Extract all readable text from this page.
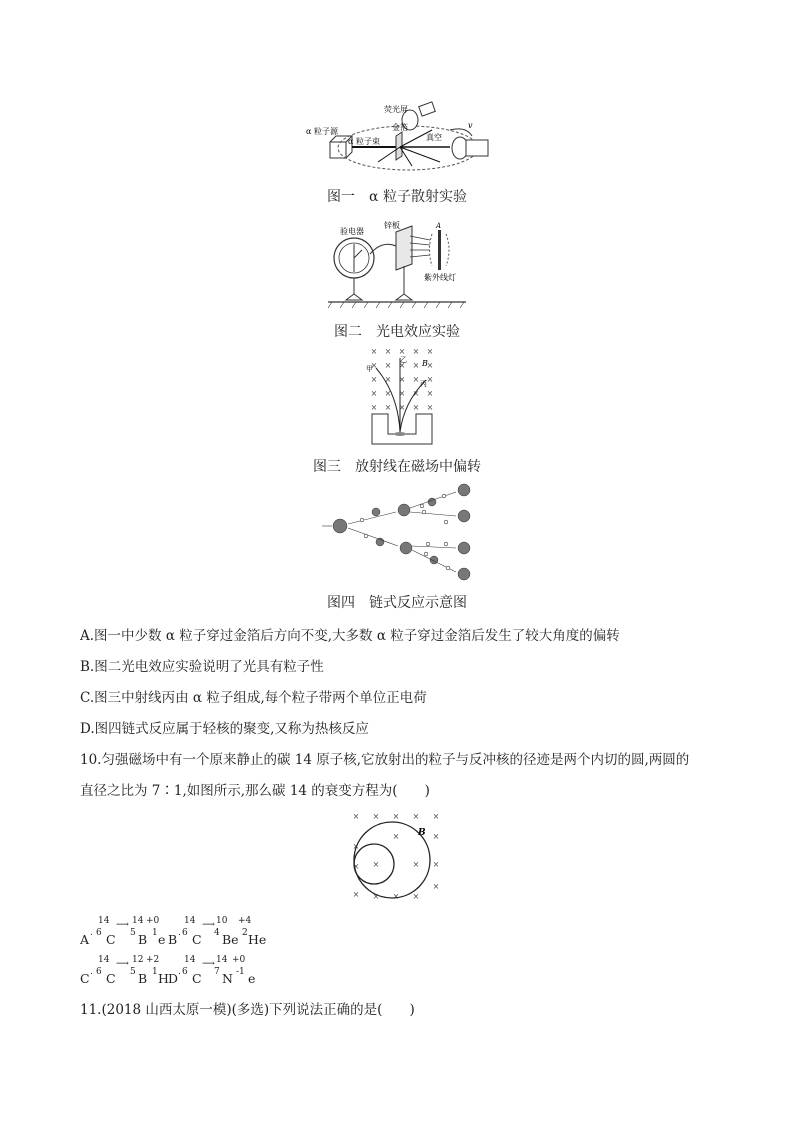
α 粒子源
α 粒子束
金箔
荧光屏
真空
v
图一　α 粒子散射实验
验电器
锌板	A
紫外线灯
图二　光电效应实验
× × × × ×
× × × × ×
× × × × ×
× × × × ×
× × × × ×
甲
乙
丙
B
图三　放射线在磁场中偏转
图四　链式反应示意图
A.图一中少数 α 粒子穿过金箔后方向不变,大多数 α 粒子穿过金箔后发生了较大角度的偏转
B.图二光电效应实验说明了光具有粒子性
C.图三中射线丙由 α 粒子组成,每个粒子带两个单位正电荷
D.图四链式反应属于轻核的聚变,又称为热核反应
10.匀强磁场中有一个原来静止的碳 14 原子核,它放射出的粒子与反冲核的径迹是两个内切的圆,两圆的
直径之比为 7∶1,如图所示,那么碳 14 的衰变方程为(　　)
× × × × ×
×
×	×
× ×	× ×
×
× × × ×
B
A .
14
6 C
⟶ 14
5 B
+0
1 e B .
14
6 C
⟶ 10
4 Be
+4
2 He
C .
14
6 C
⟶ 12
5 B
+2
1 H D .
14
6 C
⟶ 14
7 N
+0
-1 e
11.(2018 山西太原一模)(多选)下列说法正确的是(　　)
